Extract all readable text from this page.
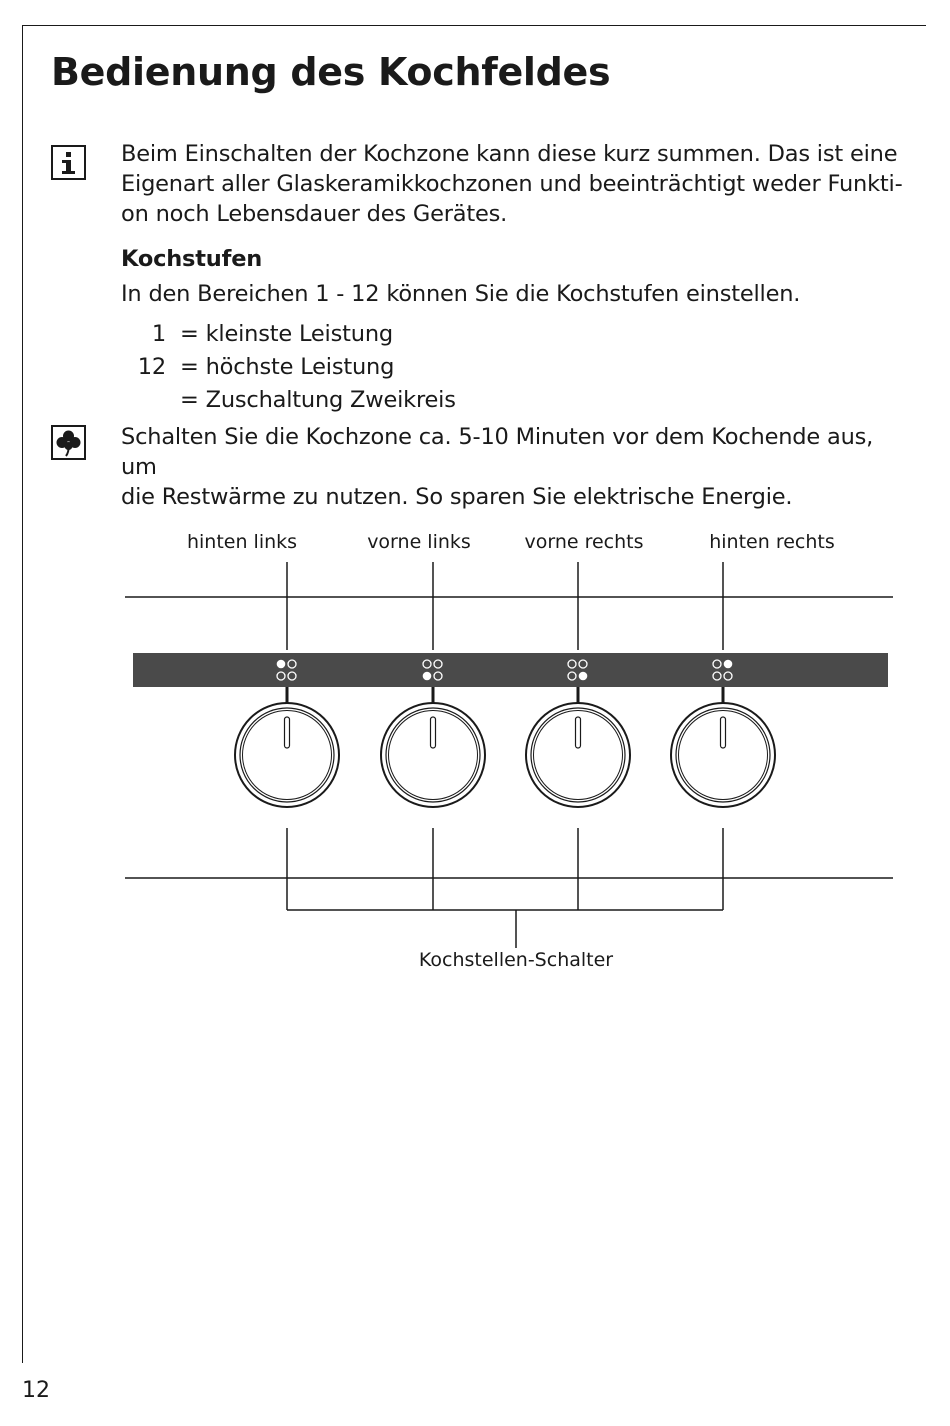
Bedienung des Kochfeldes
Beim Einschalten der Kochzone kann diese kurz summen. Das ist eine
Eigenart aller Glaskeramikkochzonen und beeinträchtigt weder Funkti-
on noch Lebensdauer des Gerätes.
Kochstufen
In den Bereichen 1 - 12 können Sie die Kochstufen einstellen.
1 = kleinste Leistung
12 = höchste Leistung
= Zuschaltung Zweikreis
Schalten Sie die Kochzone ca. 5-10 Minuten vor dem Kochende aus, um
die Restwärme zu nutzen. So sparen Sie elektrische Energie.
hinten links	vorne links	vorne rechts	hinten rechts
Kochstellen-Schalter
12
